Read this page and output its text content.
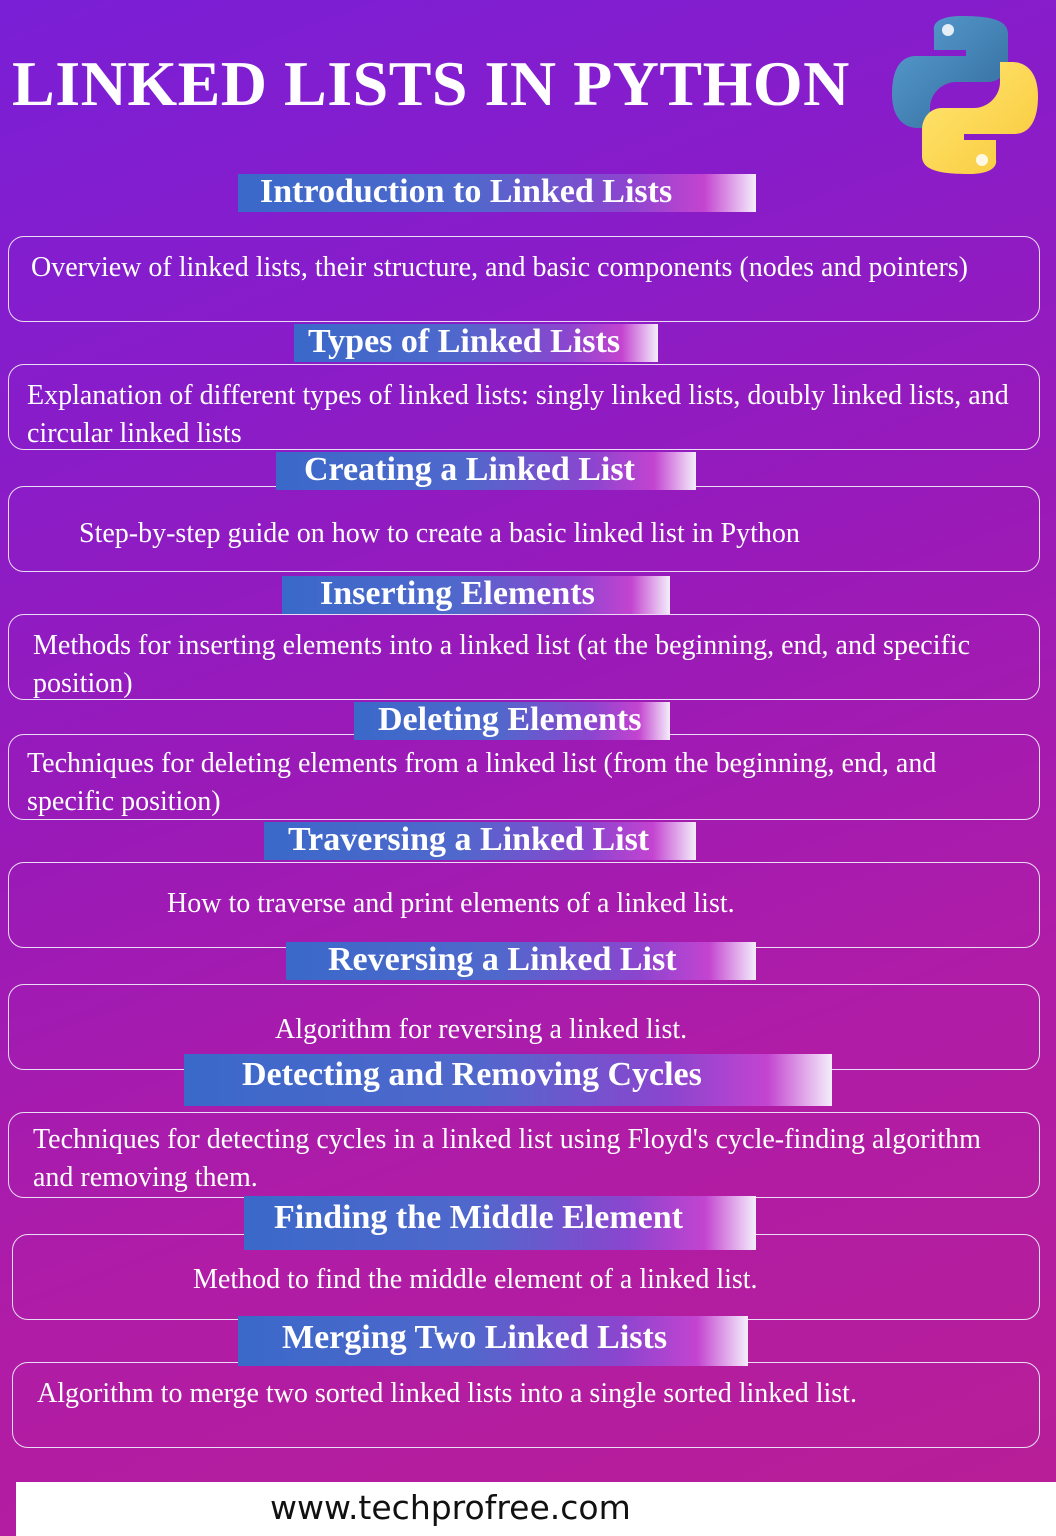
LINKED LISTS IN PYTHON
Introduction to Linked Lists
Overview of linked lists, their structure, and basic components (nodes and pointers)
Types of Linked Lists
Explanation of different types of linked lists: singly linked lists, doubly linked lists, and circular linked lists
Creating a Linked List
Step-by-step guide on how to create a basic linked list in Python
Inserting Elements
Methods for inserting elements into a linked list (at the beginning, end, and specific position)
Deleting Elements
Techniques for deleting elements from a linked list (from the beginning, end, and specific position)
Traversing a Linked List
How to traverse and print elements of a linked list.
Reversing a Linked List
Algorithm for reversing a linked list.
Detecting and Removing Cycles
Techniques for detecting cycles in a linked list using Floyd's cycle-finding algorithm and removing them.
Finding the Middle Element
Method to find the middle element of a linked list.
Merging Two Linked Lists
Algorithm to merge two sorted linked lists into a single sorted linked list.
www.techprofree.com
